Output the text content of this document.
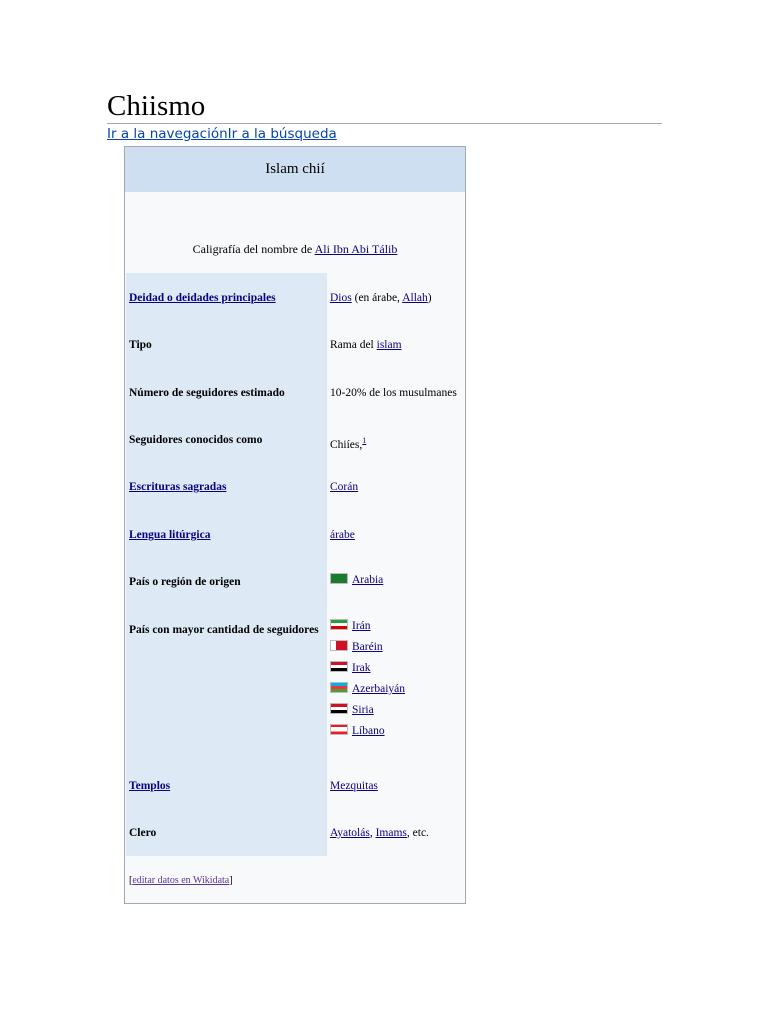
Chiismo
Ir a la navegaciónIr a la búsqueda
Islam chií
Caligrafía del nombre de Ali Ibn Abi Tálib
Deidad o deidades principales	Dios (en árabe, Allah)
Tipo	Rama del islam
Número de seguidores estimado	10-20% de los musulmanes
Seguidores conocidos como	Chiíes,$^1$
Escrituras sagradas	Corán
Lengua litúrgica	árabe
País o región de origen	Arabia
País con mayor cantidad de seguidores	Irán
Baréin
Irak
Azerbaiyán
Siria
Líbano
Templos	Mezquitas
Clero	Ayatolás, Imams, etc.
[editar datos en Wikidata]
